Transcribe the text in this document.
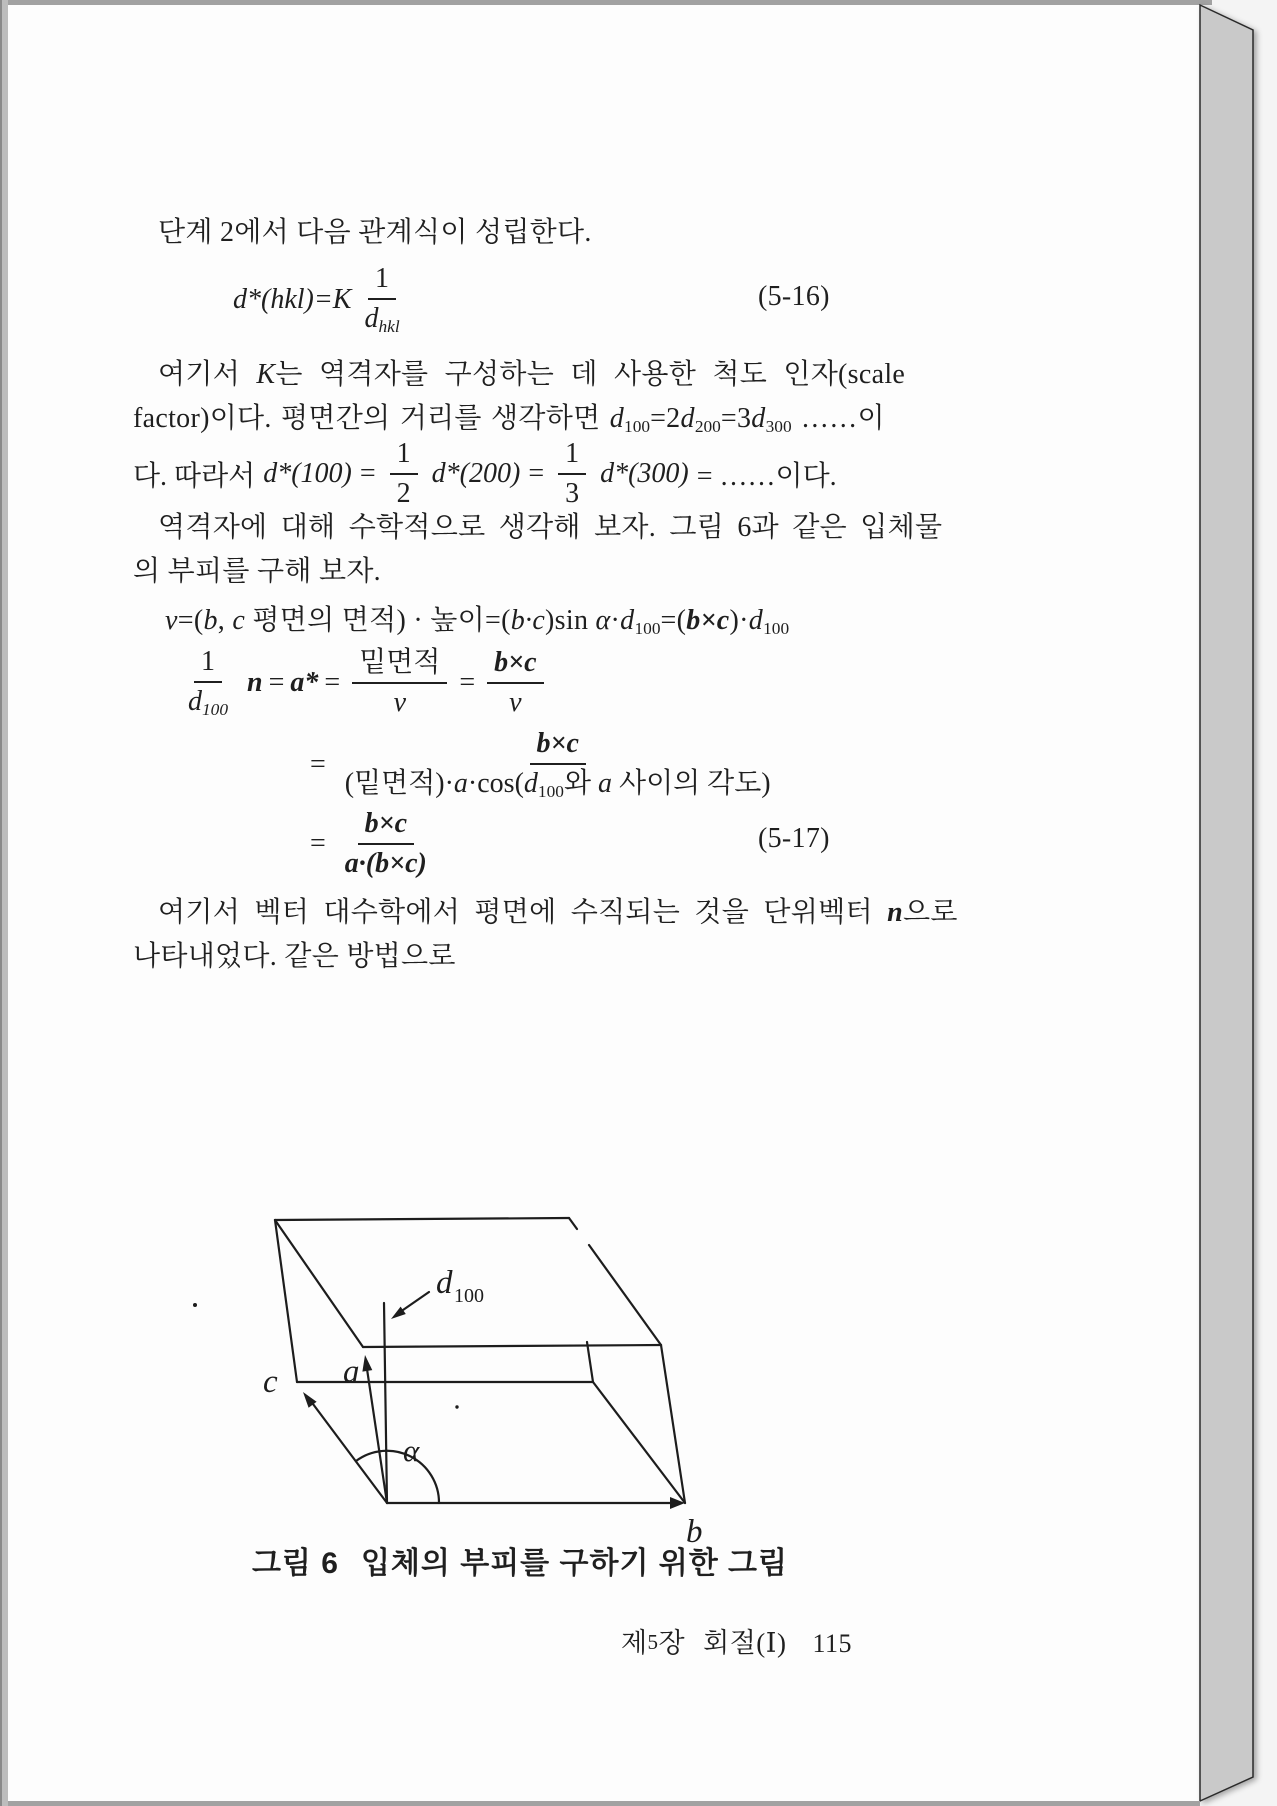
단계 2에서 다음 관계식이 성립한다.
$d*(hkl)=K \frac{1}{\text{dhkl}}$	(5-16)
여기서 K는 역격자를 구성하는 데 사용한 척도 인자(scale
factor)이다. 평면간의 거리를 생각하면 d100=2d200=3d300 ……이
다. 따라서 $d*(100) = \frac{1}{2} d*(200) = \frac{1}{3} d*(300)$ = ……이다.
역격자에 대해 수학적으로 생각해 보자. 그림 6과 같은 입체물
의 부피를 구해 보자.
v=(b, c 평면의 면적) · 높이=(b·c)sin α·d100=(b×c)·d100
$\frac{1}{d100}$ $n = a* = \frac{\text{밑면적}}{v} = \frac{b\times c}{v}$
= $\frac{b\times c}{\text{(밑면적)·a·cos(d100와 a 사이의 각도)}}$
= $\frac{b\times c}{a\cdot(b\times c)}$	(5-17)
여기서 벡터 대수학에서 평면에 수직되는 것을 단위벡터 n으로
나타내었다. 같은 방법으로
d 100
a
c
b
α
그림 6 입체의 부피를 구하기 위한 그림
제5장 회절(Ⅰ) 115
